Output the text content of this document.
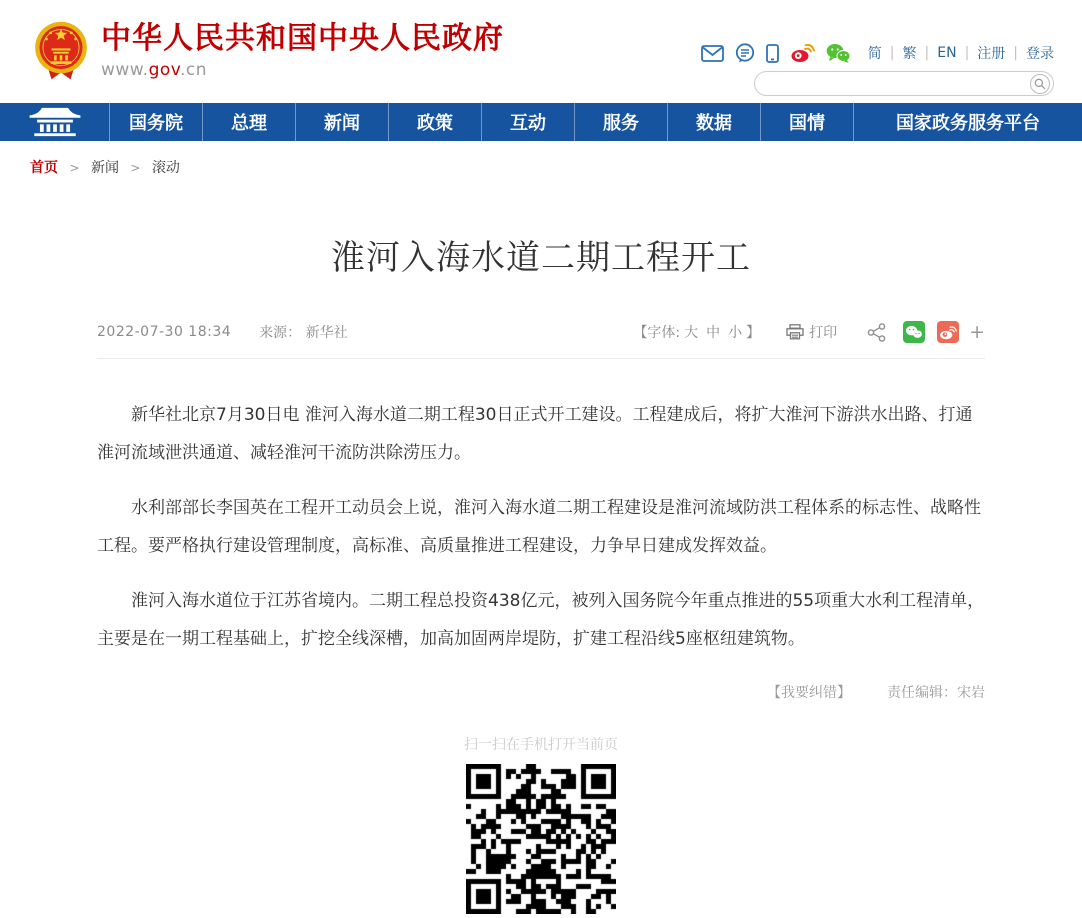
中华人民共和国中央人民政府
www.gov.cn
简 | 繁 | EN | 注册 | 登录
国务院	总理	新闻	政策	互动	服务	数据	国情	国家政务服务平台
首页 > 新闻 > 滚动
淮河入海水道二期工程开工
2022-07-30 18:34 来源： 新华社	【字体: 大 中 小 】	打印	+

新华社北京7月30日电 淮河入海水道二期工程30日正式开工建设。工程建成后，将扩大淮河下游洪水出路、打通淮河流域泄洪通道、减轻淮河干流防洪除涝压力。

水利部部长李国英在工程开工动员会上说，淮河入海水道二期工程建设是淮河流域防洪工程体系的标志性、战略性工程。要严格执行建设管理制度，高标准、高质量推进工程建设，力争早日建成发挥效益。

淮河入海水道位于江苏省境内。二期工程总投资438亿元，被列入国务院今年重点推进的55项重大水利工程清单，主要是在一期工程基础上，扩挖全线深槽，加高加固两岸堤防，扩建工程沿线5座枢纽建筑物。

【我要纠错】	责任编辑：宋岩
扫一扫在手机打开当前页
